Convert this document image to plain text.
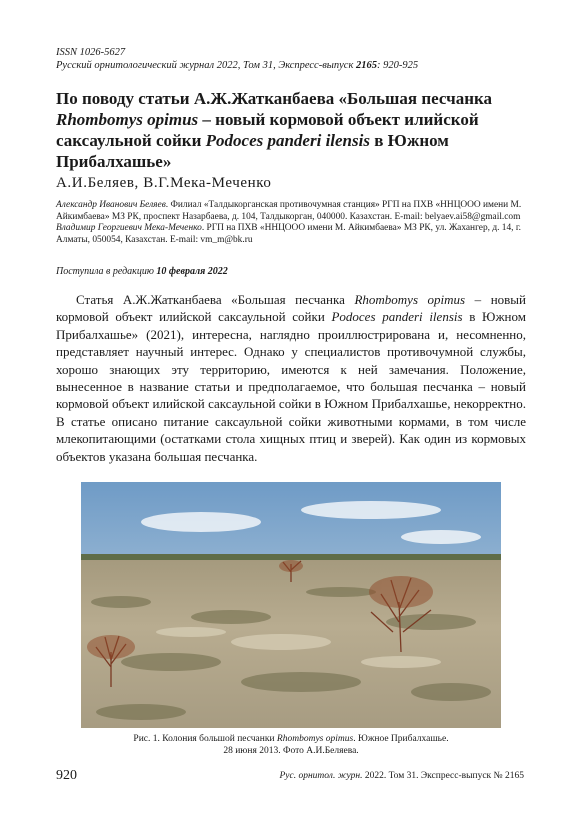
ISSN 1026-5627
Русский орнитологический журнал 2022, Том 31, Экспресс-выпуск 2165: 920-925
По поводу статьи А.Ж.Жатканбаева «Большая песчанка Rhombomys opimus – новый кормовой объект илийской саксаульной сойки Podoces panderi ilensis в Южном Прибалхашье»
А.И.Беляев, В.Г.Мека-Меченко

Александр Иванович Беляев. Филиал «Талдыкорганская противочумная станция» РГП на ПХВ «ННЦООО имени М. Айкимбаева» МЗ РК, проспект Назарбаева, д. 104, Талдыкорган, 040000. Казахстан. E-mail: belyaev.ai58@gmail.com

Владимир Георгиевич Мека-Меченко. РГП на ПХВ «ННЦООО имени М. Айкимбаева» МЗ РК, ул. Жахангер, д. 14, г. Алматы, 050054, Казахстан. E-mail: vm_m@bk.ru

Поступила в редакцию 10 февраля 2022

Статья А.Ж.Жатканбаева «Большая песчанка Rhombomys opimus – новый кормовой объект илийской саксаульной сойки Podoces panderi ilensis в Южном Прибалхашье» (2021), интересна, наглядно проиллюстрирована и, несомненно, представляет научный интерес. Однако у специалистов противочумной службы, хорошо знающих эту территорию, имеются к ней замечания. Положение, вынесенное в название статьи и предполагаемое, что большая песчанка – новый кормовой объект илийской саксаульной сойки в Южном Прибалхашье, некорректно. В статье описано питание саксаульной сойки животными кормами, в том числе млекопитающими (остатками стола хищных птиц и зверей). Как один из кормовых объектов указана большая песчанка.

Рис. 1. Колония большой песчанки Rhombomys opimus. Южное Прибалхашье.
28 июня 2013. Фото А.И.Беляева.
920	Рус. орнитол. журн. 2022. Том 31. Экспресс-выпуск № 2165
